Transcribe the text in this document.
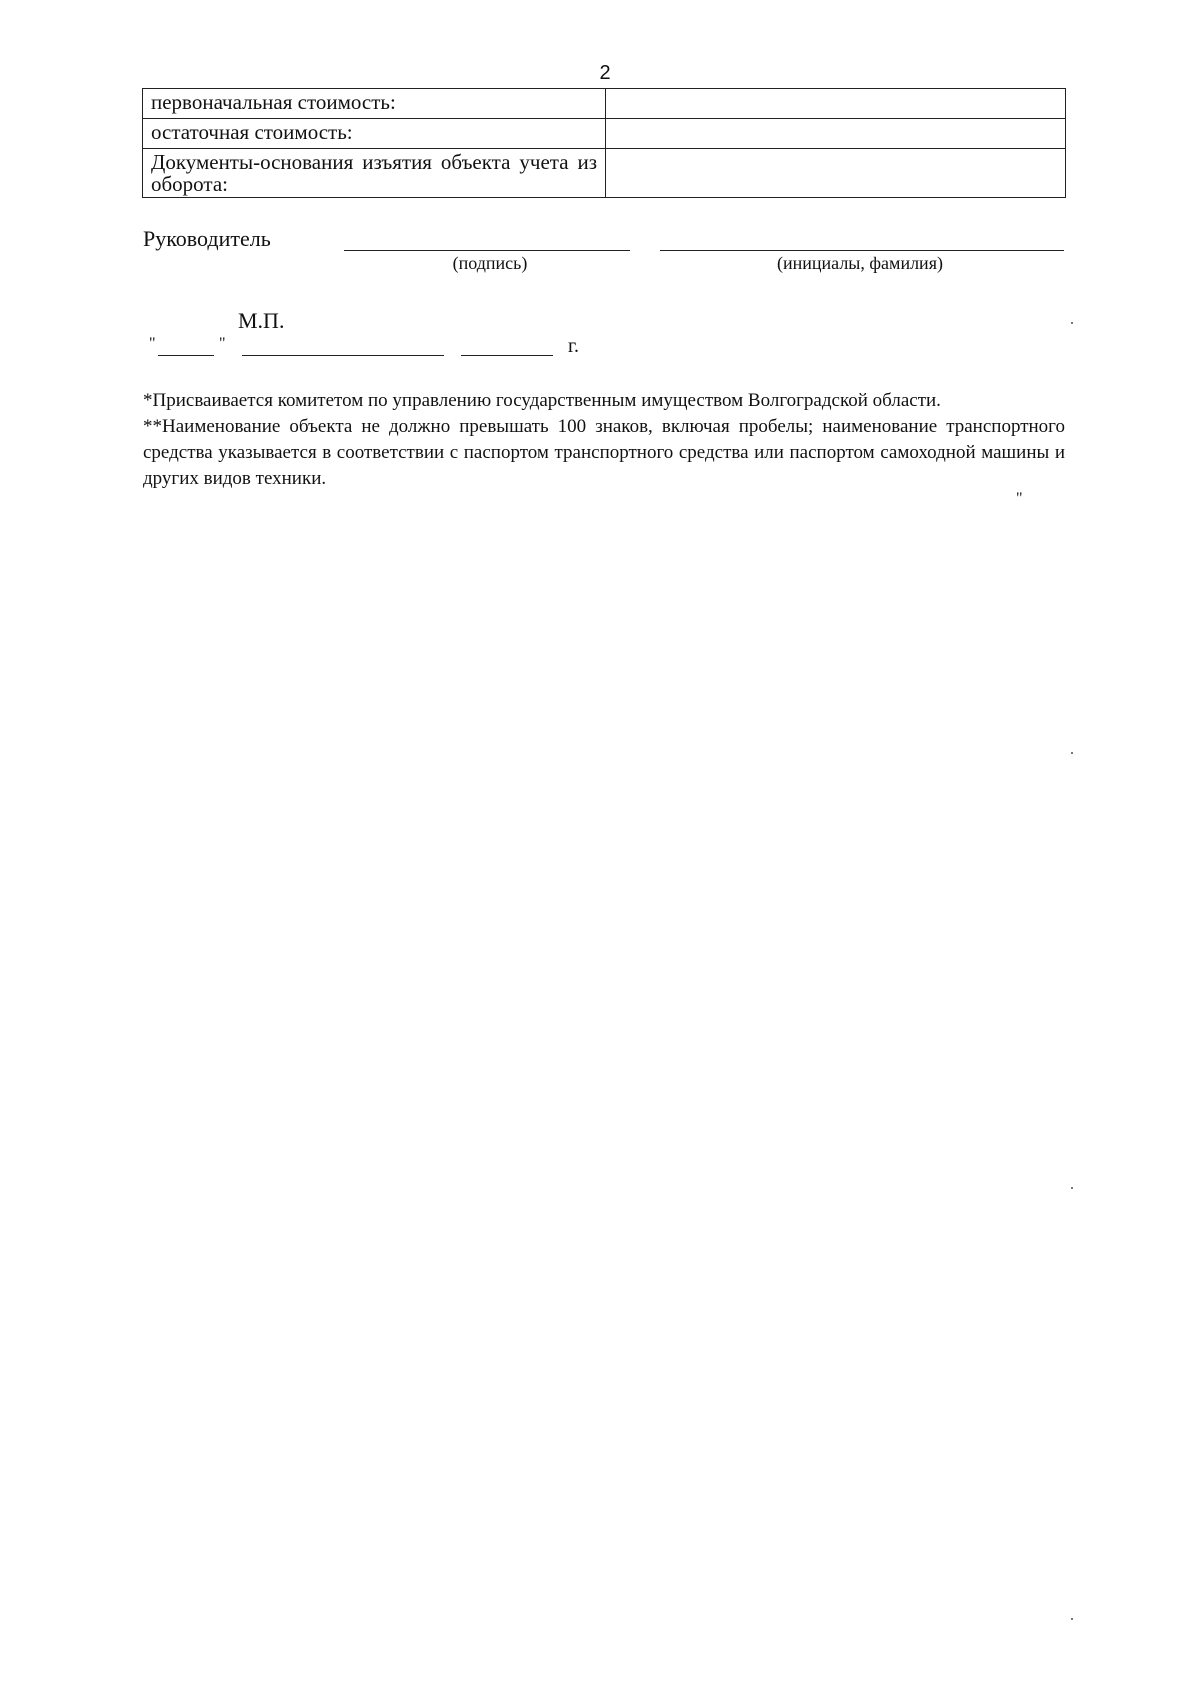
2
первоначальная стоимость:	
остаточная стоимость:	
Документы-основания изъятия объекта учета из оборота:	
Руководитель
(подпись)	(инициалы, фамилия)
М.П.
"	"	г.

*Присваивается комитетом по управлению государственным имуществом Волгоградской области.

**Наименование объекта не должно превышать 100 знаков, включая пробелы; наименование транспортного средства указывается в соответствии с паспортом транспортного средства или паспортом самоходной машины и других видов техники.

"
